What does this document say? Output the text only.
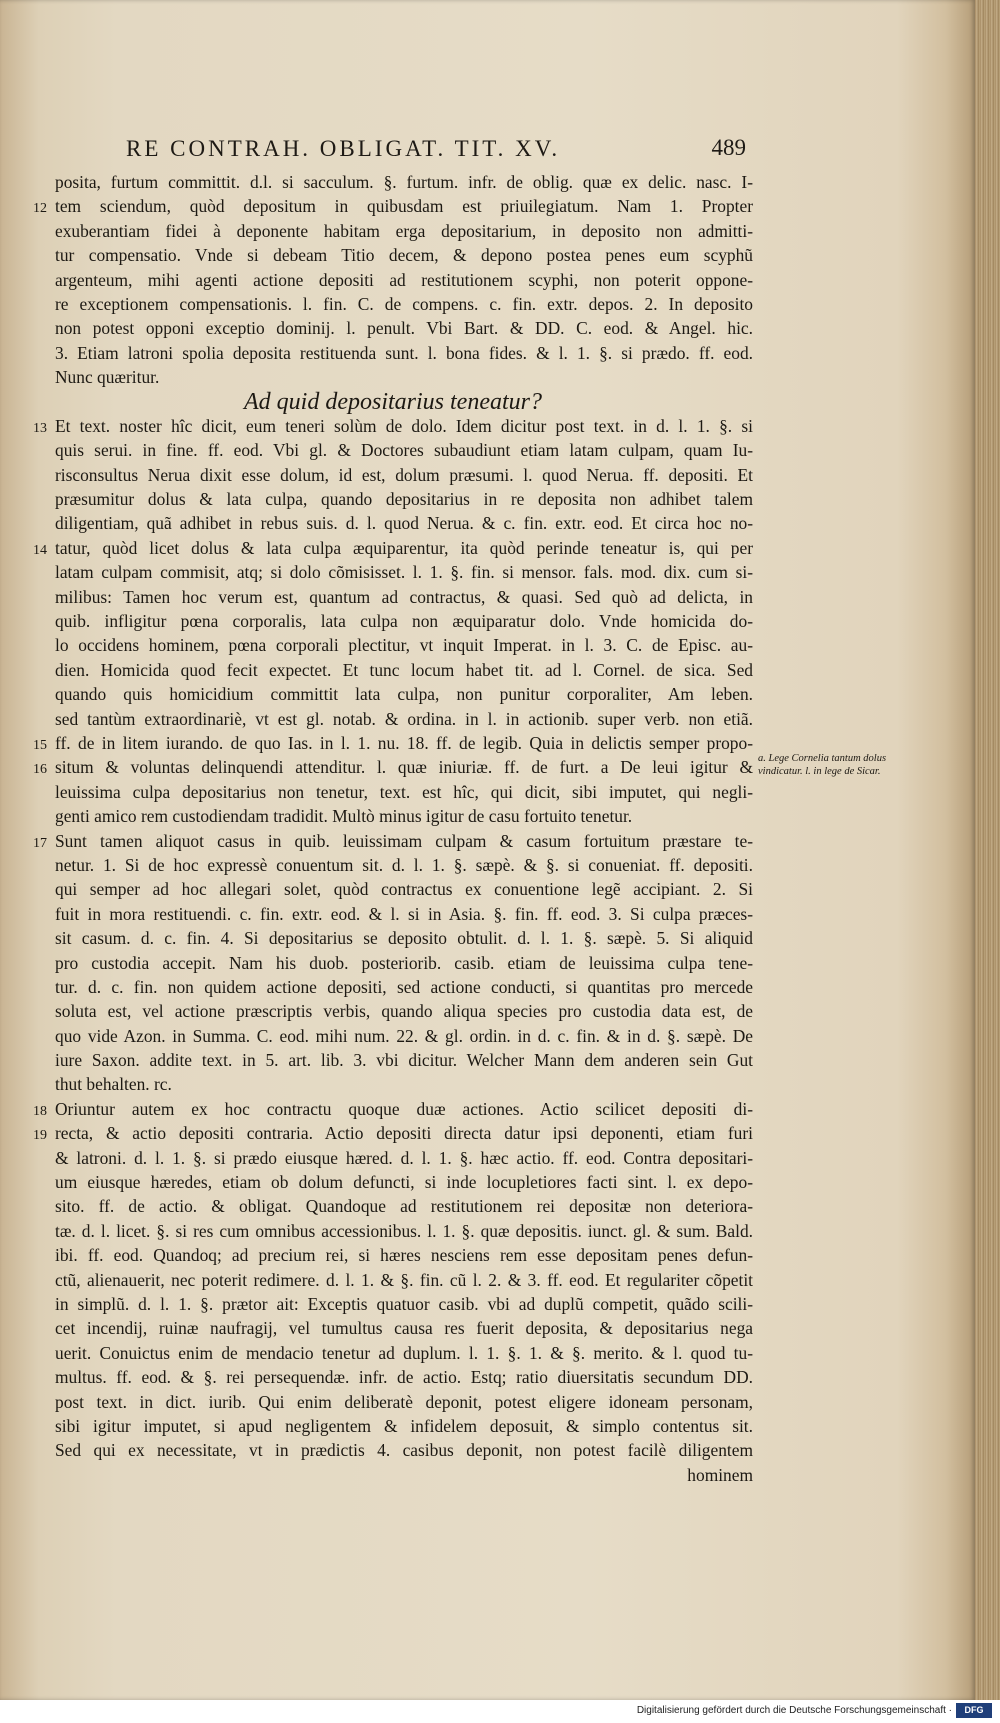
RE CONTRAH. OBLIGAT. TIT. XV.	489
posita, furtum committit. d.l. si sacculum. §. furtum. infr. de oblig. quæ ex delic. nasc. I-
12 tem sciendum, quòd depositum in quibusdam est priuilegiatum. Nam 1. Propter
exuberantiam fidei à deponente habitam erga depositarium, in deposito non admitti-
tur compensatio. Vnde si debeam Titio decem, & depono postea penes eum scyphũ
argenteum, mihi agenti actione depositi ad restitutionem scyphi, non poterit oppone-
re exceptionem compensationis. l. fin. C. de compens. c. fin. extr. depos. 2. In deposito
non potest opponi exceptio dominij. l. penult. Vbi Bart. & DD. C. eod. & Angel. hic.
3. Etiam latroni spolia deposita restituenda sunt. l. bona fides. & l. 1. §. si prædo. ff. eod.
Nunc quæritur.
Ad quid depositarius teneatur?
13 Et text. noster hîc dicit, eum teneri solùm de dolo. Idem dicitur post text. in d. l. 1. §. si
quis serui. in fine. ff. eod. Vbi gl. & Doctores subaudiunt etiam latam culpam, quam Iu-
risconsultus Nerua dixit esse dolum, id est, dolum præsumi. l. quod Nerua. ff. depositi. Et
præsumitur dolus & lata culpa, quando depositarius in re deposita non adhibet talem
diligentiam, quã adhibet in rebus suis. d. l. quod Nerua. & c. fin. extr. eod. Et circa hoc no-
14 tatur, quòd licet dolus & lata culpa æquiparentur, ita quòd perinde teneatur is, qui per
latam culpam commisit, atq; si dolo cõmisisset. l. 1. §. fin. si mensor. fals. mod. dix. cum si-
milibus: Tamen hoc verum est, quantum ad contractus, & quasi. Sed quò ad delicta, in
quib. infligitur pœna corporalis, lata culpa non æquiparatur dolo. Vnde homicida do-
lo occidens hominem, pœna corporali plectitur, vt inquit Imperat. in l. 3. C. de Episc. au-
dien. Homicida quod fecit expectet. Et tunc locum habet tit. ad l. Cornel. de sica. Sed
quando quis homicidium committit lata culpa, non punitur corporaliter, Am leben.
sed tantùm extraordinariè, vt est gl. notab. & ordina. in l. in actionib. super verb. non etiã.
15 ff. de in litem iurando. de quo Ias. in l. 1. nu. 18. ff. de legib. Quia in delictis semper propo-
16 situm & voluntas delinquendi attenditur. l. quæ iniuriæ. ff. de furt. a De leui igitur &
leuissima culpa depositarius non tenetur, text. est hîc, qui dicit, sibi imputet, qui negli-
genti amico rem custodiendam tradidit. Multò minus igitur de casu fortuito tenetur.
17 Sunt tamen aliquot casus in quib. leuissimam culpam & casum fortuitum præstare te-
netur. 1. Si de hoc expressè conuentum sit. d. l. 1. §. sæpè. & §. si conueniat. ff. depositi.
qui semper ad hoc allegari solet, quòd contractus ex conuentione legẽ accipiant. 2. Si
fuit in mora restituendi. c. fin. extr. eod. & l. si in Asia. §. fin. ff. eod. 3. Si culpa præces-
sit casum. d. c. fin. 4. Si depositarius se deposito obtulit. d. l. 1. §. sæpè. 5. Si aliquid
pro custodia accepit. Nam his duob. posteriorib. casib. etiam de leuissima culpa tene-
tur. d. c. fin. non quidem actione depositi, sed actione conducti, si quantitas pro mercede
soluta est, vel actione præscriptis verbis, quando aliqua species pro custodia data est, de
quo vide Azon. in Summa. C. eod. mihi num. 22. & gl. ordin. in d. c. fin. & in d. §. sæpè. De
iure Saxon. addite text. in 5. art. lib. 3. vbi dicitur. Welcher Mann dem anderen sein Gut
thut behalten. rc.
18 Oriuntur autem ex hoc contractu quoque duæ actiones. Actio scilicet depositi di-
19 recta, & actio depositi contraria. Actio depositi directa datur ipsi deponenti, etiam furi
& latroni. d. l. 1. §. si prædo eiusque hæred. d. l. 1. §. hæc actio. ff. eod. Contra depositari-
um eiusque hæredes, etiam ob dolum defuncti, si inde locupletiores facti sint. l. ex depo-
sito. ff. de actio. & obligat. Quandoque ad restitutionem rei depositæ non deteriora-
tæ. d. l. licet. §. si res cum omnibus accessionibus. l. 1. §. quæ depositis. iunct. gl. & sum. Bald.
ibi. ff. eod. Quandoq; ad precium rei, si hæres nesciens rem esse depositam penes defun-
ctũ, alienauerit, nec poterit redimere. d. l. 1. & §. fin. cũ l. 2. & 3. ff. eod. Et regulariter cõpetit
in simplũ. d. l. 1. §. prætor ait: Exceptis quatuor casib. vbi ad duplũ competit, quãdo scili-
cet incendij, ruinæ naufragij, vel tumultus causa res fuerit deposita, & depositarius nega
uerit. Conuictus enim de mendacio tenetur ad duplum. l. 1. §. 1. & §. merito. & l. quod tu-
multus. ff. eod. & §. rei persequendæ. infr. de actio. Estq; ratio diuersitatis secundum DD.
post text. in dict. iurib. Qui enim deliberatè deponit, potest eligere idoneam personam,
sibi igitur imputet, si apud negligentem & infidelem deposuit, & simplo contentus sit.
Sed qui ex necessitate, vt in prædictis 4. casibus deponit, non potest facilè diligentem
hominem
a. Lege Cornelia tantum dolus vindicatur. l. in lege de Sicar.
Digitalisierung gefördert durch die Deutsche Forschungsgemeinschaft ·	DFG
